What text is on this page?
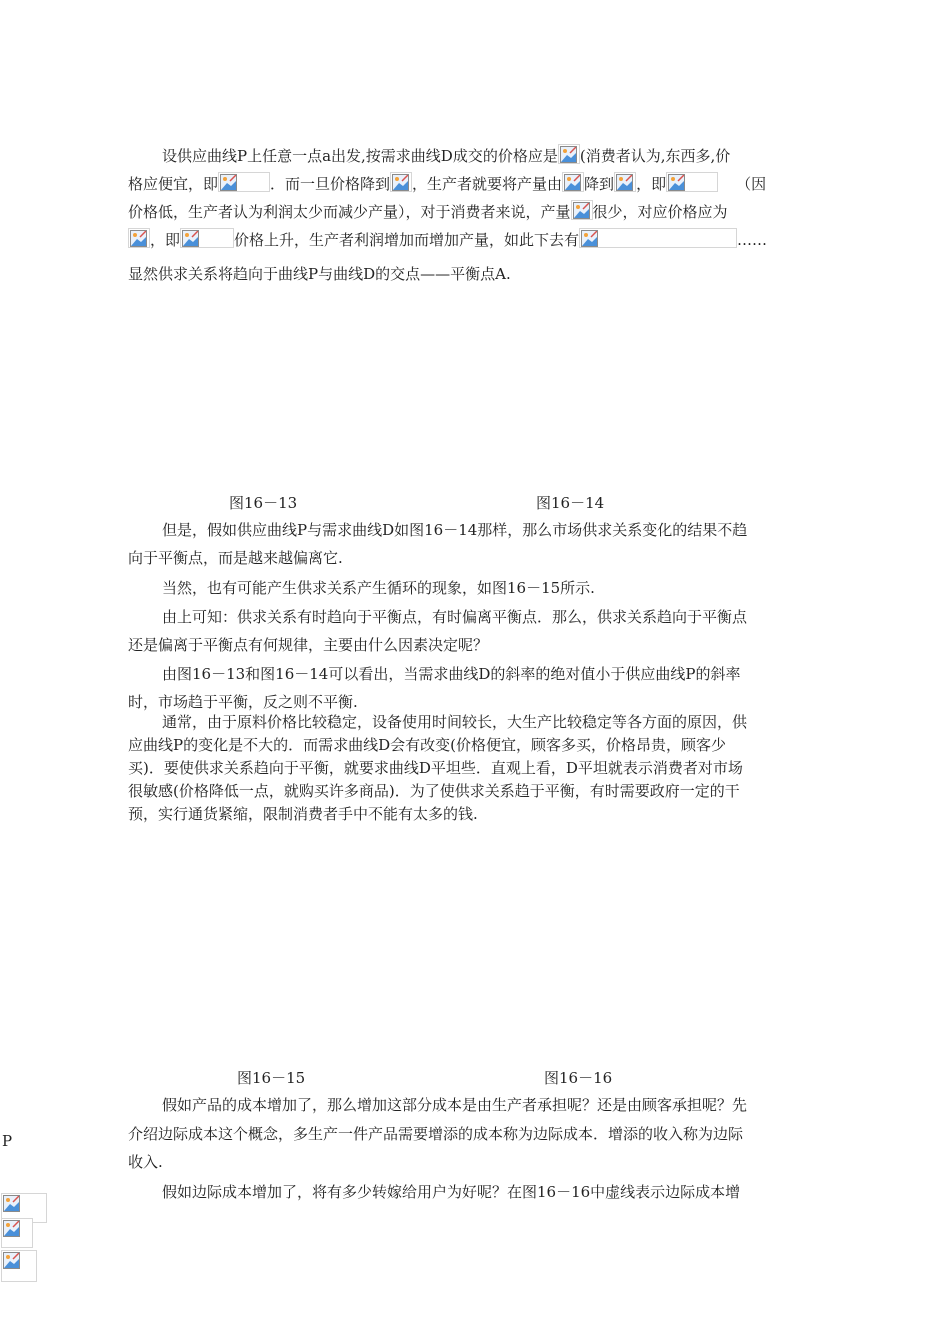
设供应曲线P上任意一点a出发,按需求曲线D成交的价格应是 (消费者认为,东西多,价
格应便宜，即	．而一旦价格降到 ，生产者就要将产量由 降到 ，即	（因
价格低，生产者认为利润太少而减少产量），对于消费者来说，产量 很少，对应价格应为
，即	价格上升，生产者利润增加而增加产量，如此下去有	……
显然供求关系将趋向于曲线P与曲线D的交点——平衡点A.
图16－13	图16－14
但是，假如供应曲线P与需求曲线D如图16－14那样，那么市场供求关系变化的结果不趋
向于平衡点，而是越来越偏离它.
当然，也有可能产生供求关系产生循环的现象，如图16－15所示.
由上可知：供求关系有时趋向于平衡点，有时偏离平衡点．那么，供求关系趋向于平衡点
还是偏离于平衡点有何规律，主要由什么因素决定呢？
由图16－13和图16－14可以看出，当需求曲线D的斜率的绝对值小于供应曲线P的斜率
时，市场趋于平衡，反之则不平衡.
通常，由于原料价格比较稳定，设备使用时间较长，大生产比较稳定等各方面的原因，供
应曲线P的变化是不大的．而需求曲线D会有改变(价格便宜，顾客多买，价格昂贵，顾客少
买)．要使供求关系趋向于平衡，就要求曲线D平坦些．直观上看，D平坦就表示消费者对市场
很敏感(价格降低一点，就购买许多商品)．为了使供求关系趋于平衡，有时需要政府一定的干
预，实行通货紧缩，限制消费者手中不能有太多的钱.
图16－15	图16－16
假如产品的成本增加了，那么增加这部分成本是由生产者承担呢？还是由顾客承担呢？先
介绍边际成本这个概念，多生产一件产品需要增添的成本称为边际成本．增添的收入称为边际
收入.
假如边际成本增加了，将有多少转嫁给用户为好呢？在图16－16中虚线表示边际成本增
P
